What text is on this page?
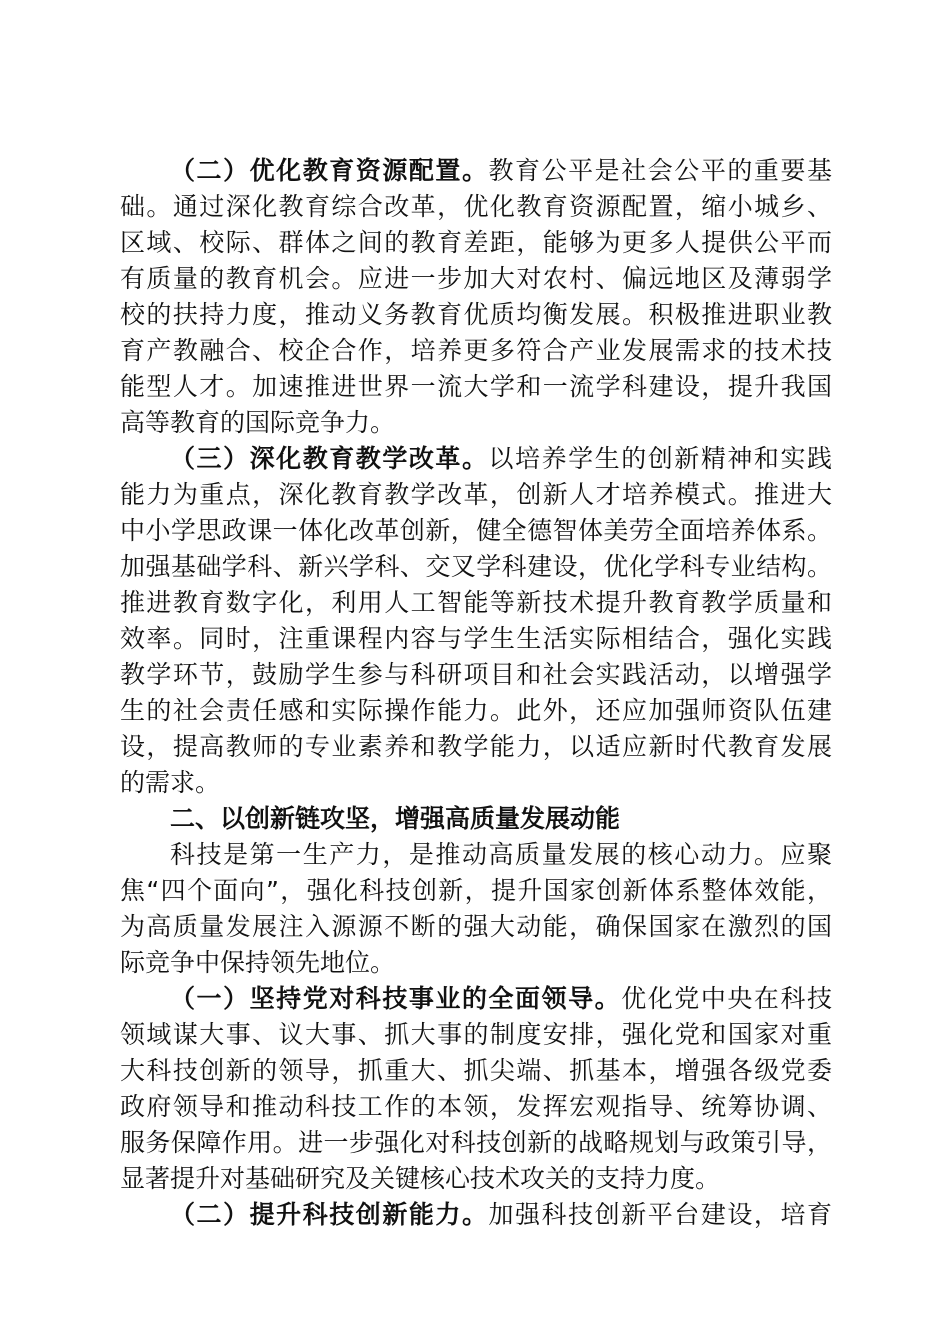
（二）优化教育资源配置。教育公平是社会公平的重要基
础。通过深化教育综合改革，优化教育资源配置，缩小城乡、
区域、校际、群体之间的教育差距，能够为更多人提供公平而
有质量的教育机会。应进一步加大对农村、偏远地区及薄弱学
校的扶持力度，推动义务教育优质均衡发展。积极推进职业教
育产教融合、校企合作，培养更多符合产业发展需求的技术技
能型人才。加速推进世界一流大学和一流学科建设，提升我国
高等教育的国际竞争力。
（三）深化教育教学改革。以培养学生的创新精神和实践
能力为重点，深化教育教学改革，创新人才培养模式。推进大
中小学思政课一体化改革创新，健全德智体美劳全面培养体系。
加强基础学科、新兴学科、交叉学科建设，优化学科专业结构。
推进教育数字化，利用人工智能等新技术提升教育教学质量和
效率。同时，注重课程内容与学生生活实际相结合，强化实践
教学环节，鼓励学生参与科研项目和社会实践活动，以增强学
生的社会责任感和实际操作能力。此外，还应加强师资队伍建
设，提高教师的专业素养和教学能力，以适应新时代教育发展
的需求。
二、以创新链攻坚，增强高质量发展动能
科技是第一生产力，是推动高质量发展的核心动力。应聚
焦“四个面向”，强化科技创新，提升国家创新体系整体效能，
为高质量发展注入源源不断的强大动能，确保国家在激烈的国
际竞争中保持领先地位。
（一）坚持党对科技事业的全面领导。优化党中央在科技
领域谋大事、议大事、抓大事的制度安排，强化党和国家对重
大科技创新的领导，抓重大、抓尖端、抓基本，增强各级党委
政府领导和推动科技工作的本领，发挥宏观指导、统筹协调、
服务保障作用。进一步强化对科技创新的战略规划与政策引导，
显著提升对基础研究及关键核心技术攻关的支持力度。
（二）提升科技创新能力。加强科技创新平台建设，培育
